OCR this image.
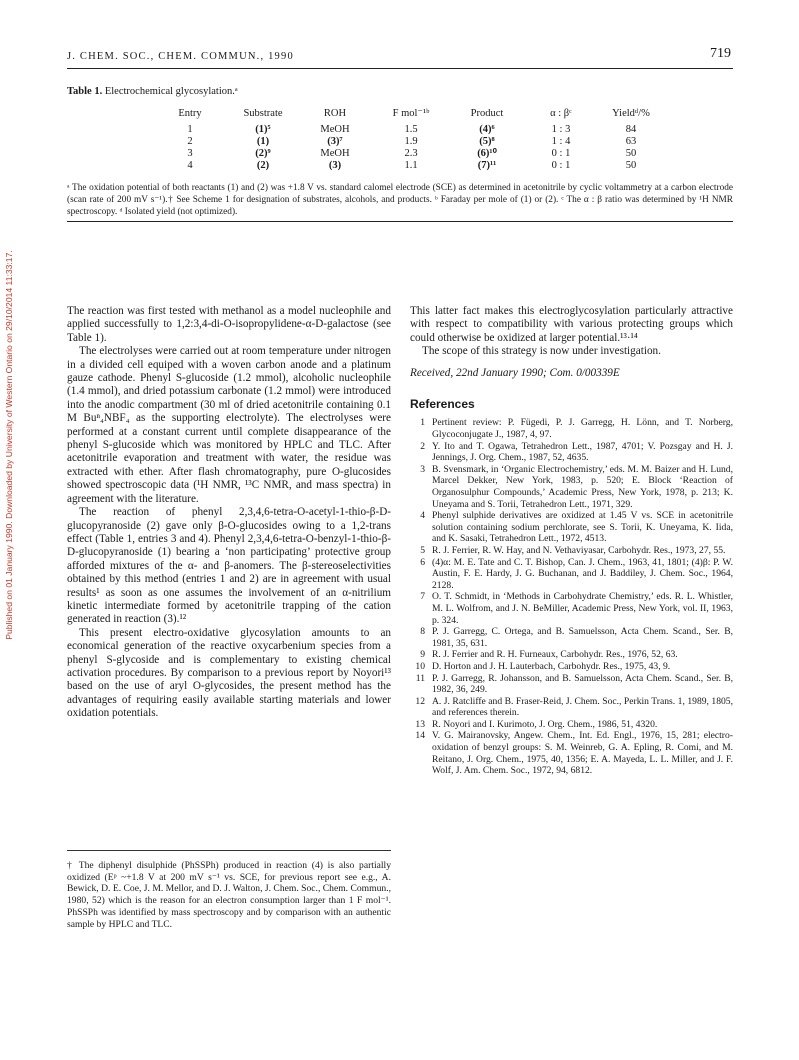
Published on 01 January 1990. Downloaded by University of Western Ontario on 29/10/2014 11:33:17.
J. CHEM. SOC., CHEM. COMMUN., 1990	719
Table 1. Electrochemical glycosylation.ᵃ
Entry	Substrate	ROH	F mol⁻¹ᵇ	Product	α : βᶜ	Yieldᵈ/%
1	(1)⁵	MeOH	1.5	(4)⁶	1 : 3	84
2	(1)	(3)⁷	1.9	(5)⁸	1 : 4	63
3	(2)⁹	MeOH	2.3	(6)¹⁰	0 : 1	50
4	(2)	(3)	1.1	(7)¹¹	0 : 1	50
ᵃ The oxidation potential of both reactants (1) and (2) was +1.8 V vs. standard calomel electrode (SCE) as determined in acetonitrile by cyclic voltammetry at a carbon electrode (scan rate of 200 mV s⁻¹).† See Scheme 1 for designation of substrates, alcohols, and products. ᵇ Faraday per mole of (1) or (2). ᶜ The α : β ratio was determined by ¹H NMR spectroscopy. ᵈ Isolated yield (not optimized).

The reaction was first tested with methanol as a model nucleophile and applied successfully to 1,2:3,4-di-O-isopropylidene-α-D-galactose (see Table 1).

The electrolyses were carried out at room temperature under nitrogen in a divided cell equiped with a woven carbon anode and a platinum gauze cathode. Phenyl S-glucoside (1.2 mmol), alcoholic nucleophile (1.4 mmol), and dried potassium carbonate (1.2 mmol) were introduced into the anodic compartment (30 ml of dried acetonitrile containing 0.1 M Buⁿ₄NBF₄ as the supporting electrolyte). The electrolyses were performed at a constant current until complete disappearance of the phenyl S-glucoside which was monitored by HPLC and TLC. After acetonitrile evaporation and treatment with water, the residue was extracted with ether. After flash chromatography, pure O-glucosides showed spectroscopic data (¹H NMR, ¹³C NMR, and mass spectra) in agreement with the literature.

The reaction of phenyl 2,3,4,6-tetra-O-acetyl-1-thio-β-D-glucopyranoside (2) gave only β-O-glucosides owing to a 1,2-trans effect (Table 1, entries 3 and 4). Phenyl 2,3,4,6-tetra-O-benzyl-1-thio-β-D-glucopyranoside (1) bearing a ‘non participating’ protective group afforded mixtures of the α- and β-anomers. The β-stereoselectivities obtained by this method (entries 1 and 2) are in agreement with usual results¹ as soon as one assumes the involvement of an α-nitrilium kinetic intermediate formed by acetonitrile trapping of the cation generated in reaction (3).¹²

This present electro-oxidative glycosylation amounts to an economical generation of the reactive oxycarbenium species from a phenyl S-glycoside and is complementary to existing chemical activation procedures. By comparison to a previous report by Noyori¹³ based on the use of aryl O-glycosides, the present method has the advantages of requiring easily available starting materials and lower oxidation potentials.

† The diphenyl disulphide (PhSSPh) produced in reaction (4) is also partially oxidized (Eᵖ ~+1.8 V at 200 mV s⁻¹ vs. SCE, for previous report see e.g., A. Bewick, D. E. Coe, J. M. Mellor, and D. J. Walton, J. Chem. Soc., Chem. Commun., 1980, 52) which is the reason for an electron consumption larger than 1 F mol⁻¹. PhSSPh was identified by mass spectroscopy and by comparison with an authentic sample by HPLC and TLC.

This latter fact makes this electroglycosylation particularly attractive with respect to compatibility with various protecting groups which could otherwise be oxidized at larger potential.¹³·¹⁴

The scope of this strategy is now under investigation.

Received, 22nd January 1990; Com. 0/00339E

References
1 Pertinent review: P. Fügedi, P. J. Garregg, H. Lönn, and T. Norberg, Glycoconjugate J., 1987, 4, 97.
2 Y. Ito and T. Ogawa, Tetrahedron Lett., 1987, 4701; V. Pozsgay and H. J. Jennings, J. Org. Chem., 1987, 52, 4635.
3 B. Svensmark, in ‘Organic Electrochemistry,’ eds. M. M. Baizer and H. Lund, Marcel Dekker, New York, 1983, p. 520; E. Block ‘Reaction of Organosulphur Compounds,’ Academic Press, New York, 1978, p. 213; K. Uneyama and S. Torii, Tetrahedron Lett., 1971, 329.
4 Phenyl sulphide derivatives are oxidized at 1.45 V vs. SCE in acetonitrile solution containing sodium perchlorate, see S. Torii, K. Uneyama, K. Iida, and K. Sasaki, Tetrahedron Lett., 1972, 4513.
5 R. J. Ferrier, R. W. Hay, and N. Vethaviyasar, Carbohydr. Res., 1973, 27, 55.
6 (4)α: M. E. Tate and C. T. Bishop, Can. J. Chem., 1963, 41, 1801; (4)β: P. W. Austin, F. E. Hardy, J. G. Buchanan, and J. Baddiley, J. Chem. Soc., 1964, 2128.
7 O. T. Schmidt, in ‘Methods in Carbohydrate Chemistry,’ eds. R. L. Whistler, M. L. Wolfrom, and J. N. BeMiller, Academic Press, New York, vol. II, 1963, p. 324.
8 P. J. Garregg, C. Ortega, and B. Samuelsson, Acta Chem. Scand., Ser. B, 1981, 35, 631.
9 R. J. Ferrier and R. H. Furneaux, Carbohydr. Res., 1976, 52, 63.
10 D. Horton and J. H. Lauterbach, Carbohydr. Res., 1975, 43, 9.
11 P. J. Garregg, R. Johansson, and B. Samuelsson, Acta Chem. Scand., Ser. B, 1982, 36, 249.
12 A. J. Ratcliffe and B. Fraser-Reid, J. Chem. Soc., Perkin Trans. 1, 1989, 1805, and references therein.
13 R. Noyori and I. Kurimoto, J. Org. Chem., 1986, 51, 4320.
14 V. G. Mairanovsky, Angew. Chem., Int. Ed. Engl., 1976, 15, 281; electro-oxidation of benzyl groups: S. M. Weinreb, G. A. Epling, R. Comi, and M. Reitano, J. Org. Chem., 1975, 40, 1356; E. A. Mayeda, L. L. Miller, and J. F. Wolf, J. Am. Chem. Soc., 1972, 94, 6812.
